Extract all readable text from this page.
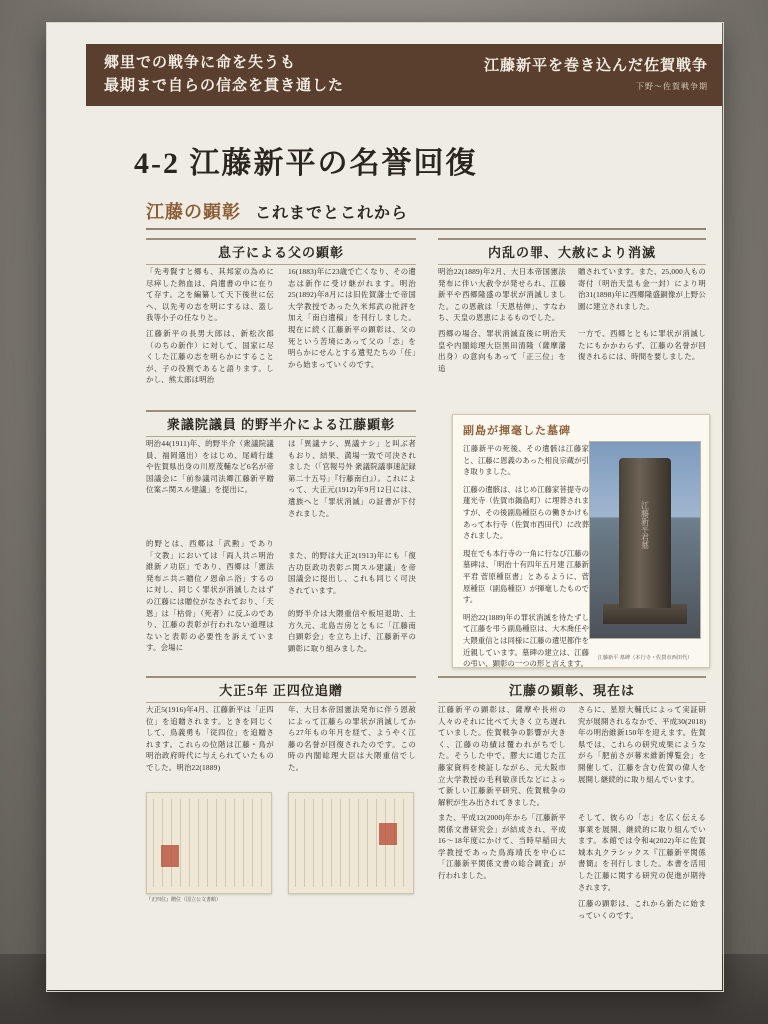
郷里での戦争に命を失うも
最期まで自らの信念を貫き通した
江藤新平を巻き込んだ佐賀戦争
下野〜佐賀戦争期
4-2 江藤新平の名誉回復
江藤の顕彰 これまでとこれから
息子による父の顕彰	内乱の罪、大赦により消滅
「先考賢すと郷も、其邦家の為めに尽瘁した熱血は、尚遺書の中に在りて存す。之を編纂して天下後世に伝へ、以先考の志を明にするは、蓋し我等小子の任なりと。
江藤新平の長男大郎は、新松次郎（のちの新作）に対して、国家に尽くした江藤の志を明らかにすることが、子の役割であると語ります。しかし、熊太郎は明治
16(1883)年に23歳で亡くなり、その遺志は新作に受け継がれます。明治25(1892)年8月には旧佐賀藩士で帝国大学教授であった久米邦武の批評を加え「南白遺稿」を刊行しました。現在に続く江藤新平の顕彰は、父の死という苦境にあって父の「志」を明らかにせんとする遺児たちの「任」から始まっていくのです。
明治22(1889)年2月、大日本帝国憲法発布に伴い大赦令が発せられ、江藤新平や西郷隆盛の罪状が消滅しました。この恩赦は「天恩枯伸」、すなわち、天皇の恩恵によるものでした。
西郷の場合、罪状消滅直後に明治天皇や内閣総理大臣黒田清隆（薩摩藩出身）の意向もあって「正三位」を追
贈されています。また、25,000人もの寄付（明治天皇も金一封）により明治31(1898)年に西郷隆盛銅像が上野公園に建立されました。
一方で、西郷とともに罪状が消滅したにもかかわらず、江藤の名誉が回復されるには、時間を要しました。
衆議院議員 的野半介による江藤顕彰
明治44(1911)年、的野半介（衆議院議員、福岡選出）をはじめ、尾崎行雄や佐賀県出身の川原茂輔など6名が帝国議会に「前参議司法卿江藤新平贈位案ニ関スル建議」を提出に。
的野とは、西郷は「武勲」であり「文教」においては「両人共ニ明治維新ノ功臣」であり、西郷は「憲法発布ニ共ニ贈位ノ恩命ニ浴」するのに対し、同じく罪状が消滅したはずの江藤には贈位がなされており、「天恩」は「枯骨」（死者）に反ふのであり、江藤の表彰が行われない道理はないと表彰の必要性を訴えています。会場に
は「異議ナシ、異議ナシ」と叫ぶ者もおり、結果、満場一致で可決されました（「官報号外 衆議院議事速記録第二十五号」『行藤南白』）。これによって、大正元(1912)年9月12日には、遺族へと「罪状消滅」の証書が下付されました。
また、的野は大正2(1913)年にも「復古功臣政功表彰ニ関スル建議」を帝国議会に提出し、これも同じく可決されています。
的野半介は大隈重信や板垣退助、土方久元、北島吉房とともに「江藤南白顕彰会」を立ち上げ、江藤新平の顕彰に取り組みました。
副島が揮毫した墓碑
江藤新平の死後、その遺骸は江藤家と、江藤に恩義のあった相良宗蔵が引き取りました。
江藤の遺骸は、はじめ江藤家菩提寺の蓮光寺（佐賀市鍋島町）に埋葬されますが、その後副島種臣らの働きかけもあって本行寺（佐賀市西田代）に改葬されました。
現在でも本行寺の一角に行なび江藤の墓碑は、「明治十有四年五月建 江藤新平君 菅原種臣書」とあるように、菅原種臣（副島種臣）が揮毫したものです。
明治22(1889)年の罪状消滅を待たずして江藤を弔う副島種臣は、大木喬任や大隈重信とは同様に江藤の遺児都作を近親しています。墓碑の建立は、江藤の弔い、顕彰の一つの形と言えます。
江藤新平君墓
江藤新平 墓碑（本行寺・佐賀市西田代）
大正5年 正四位追贈	江藤の顕彰、現在は
大正5(1916)年4月、江藤新平は「正四位」を追贈されます。ときを同じくして、鳥義勇も「従四位」を追贈されます。これらの位階は江藤・鳥が明治政府時代に与えられていたものでした。明治22(1889)
年、大日本帝国憲法発布に伴う恩赦によって江藤らの罪状が消滅してから27年もの年月を経て、ようやく江藤の名誉が回復されたのです。この時の内閣総理大臣は大隈重信でした。
江藤新平の顕彰は、薩摩や長州の人々のそれに比べて大きく立ち遅れていました。佐賀戦争の影響が大きく、江藤の功績は覆われがちでした。そうした中で、膠大に通じた江藤家資料を検証しながら、元大阪市立大学教授の毛利敏彦氏などによって新しい江藤新平研究、佐賀戦争の解釈が生み出されてきました。
また、平成12(2000)年から「江藤新平関係文書研究会」が結成され、平成16〜18年度にかけて、当時早稲田大学教授であった鳥海靖氏を中心に「江藤新平関係文書の総合調査」が行われました。
さらに、星原大輔氏によって実証研究が展開されるなかで、平成30(2018)年の明治維新150年を迎えます。佐賀県では、これらの研究成果にようながら「肥前さが幕末維新博覧会」を開催して、江藤を含む佐賀の偉人を展開し継続的に取り組んでいます。
そして、彼らの「志」を広く伝える事業を展開、継続的に取り組んでいます。本館では令和4(2022)年に佐賀城本丸クラシックス『江藤新平関係書簡』を刊行しました。本書を活用した江藤に関する研究の促進が期待されます。
江藤の顕彰は、これから新たに始まっていくのです。
『正四位』贈位（国立公文書館）
